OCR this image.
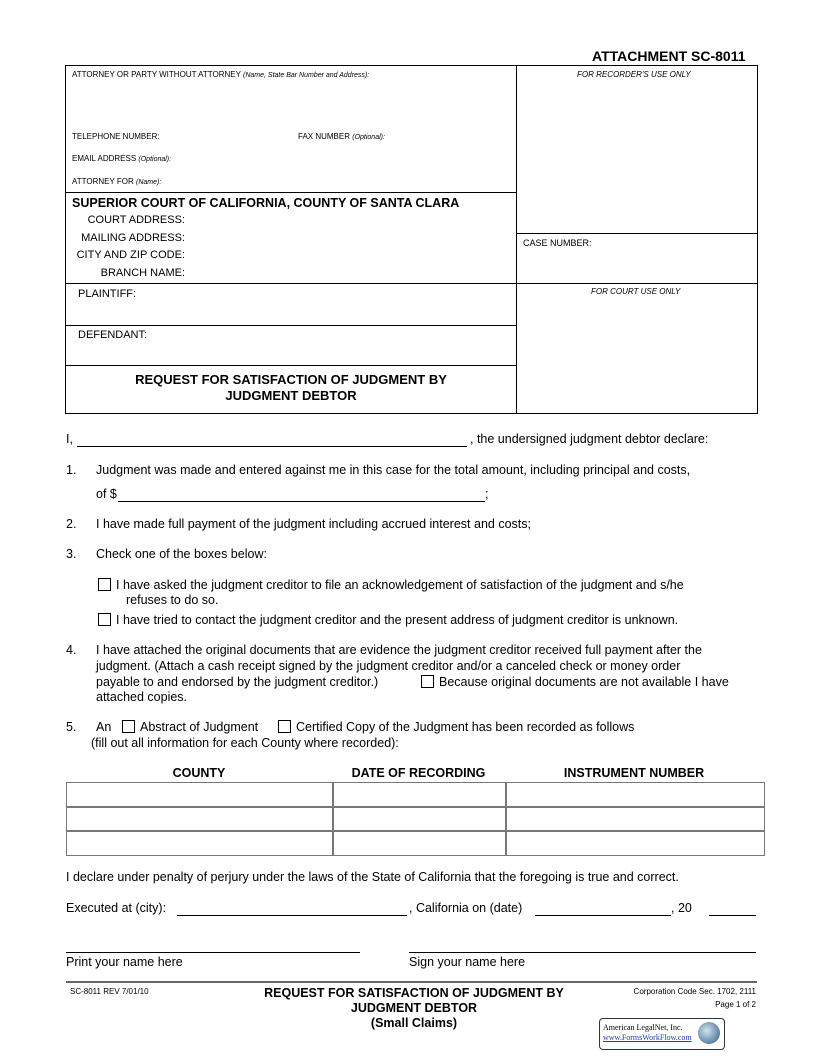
ATTACHMENT SC-8011
ATTORNEY OR PARTY WITHOUT ATTORNEY (Name, State Bar Number and Address):
TELEPHONE NUMBER:	FAX NUMBER (Optional):
EMAIL ADDRESS (Optional):
ATTORNEY FOR (Name):
FOR RECORDER'S USE ONLY
SUPERIOR COURT OF CALIFORNIA, COUNTY OF SANTA CLARA
COURT ADDRESS:
MAILING ADDRESS:
CITY AND ZIP CODE:
BRANCH NAME:
CASE NUMBER:
PLAINTIFF:
DEFENDANT:
FOR COURT USE ONLY
REQUEST FOR SATISFACTION OF JUDGMENT BY
JUDGMENT DEBTOR
I,	, the undersigned judgment debtor declare:
1. Judgment was made and entered against me in this case for the total amount, including principal and costs,
of $	;
2. I have made full payment of the judgment including accrued interest and costs;
3. Check one of the boxes below:
I have asked the judgment creditor to file an acknowledgement of satisfaction of the judgment and s/he
refuses to do so.
I have tried to contact the judgment creditor and the present address of judgment creditor is unknown.
4. I have attached the original documents that are evidence the judgment creditor received full payment after the
judgment. (Attach a cash receipt signed by the judgment creditor and/or a canceled check or money order
payable to and endorsed by the judgment creditor.)	Because original documents are not available I have
attached copies.
5. An	Abstract of Judgment	Certified Copy of the Judgment has been recorded as follows
(fill out all information for each County where recorded):
COUNTY	DATE OF RECORDING	INSTRUMENT NUMBER
I declare under penalty of perjury under the laws of the State of California that the foregoing is true and correct.
Executed at (city):	, California on (date)	, 20
Print your name here	Sign your name here
SC-8011 REV 7/01/10	REQUEST FOR SATISFACTION OF JUDGMENT BY
JUDGMENT DEBTOR
(Small Claims)
Corporation Code Sec. 1702, 2111
Page 1 of 2
American LegalNet, Inc.
www.FormsWorkFlow.com
